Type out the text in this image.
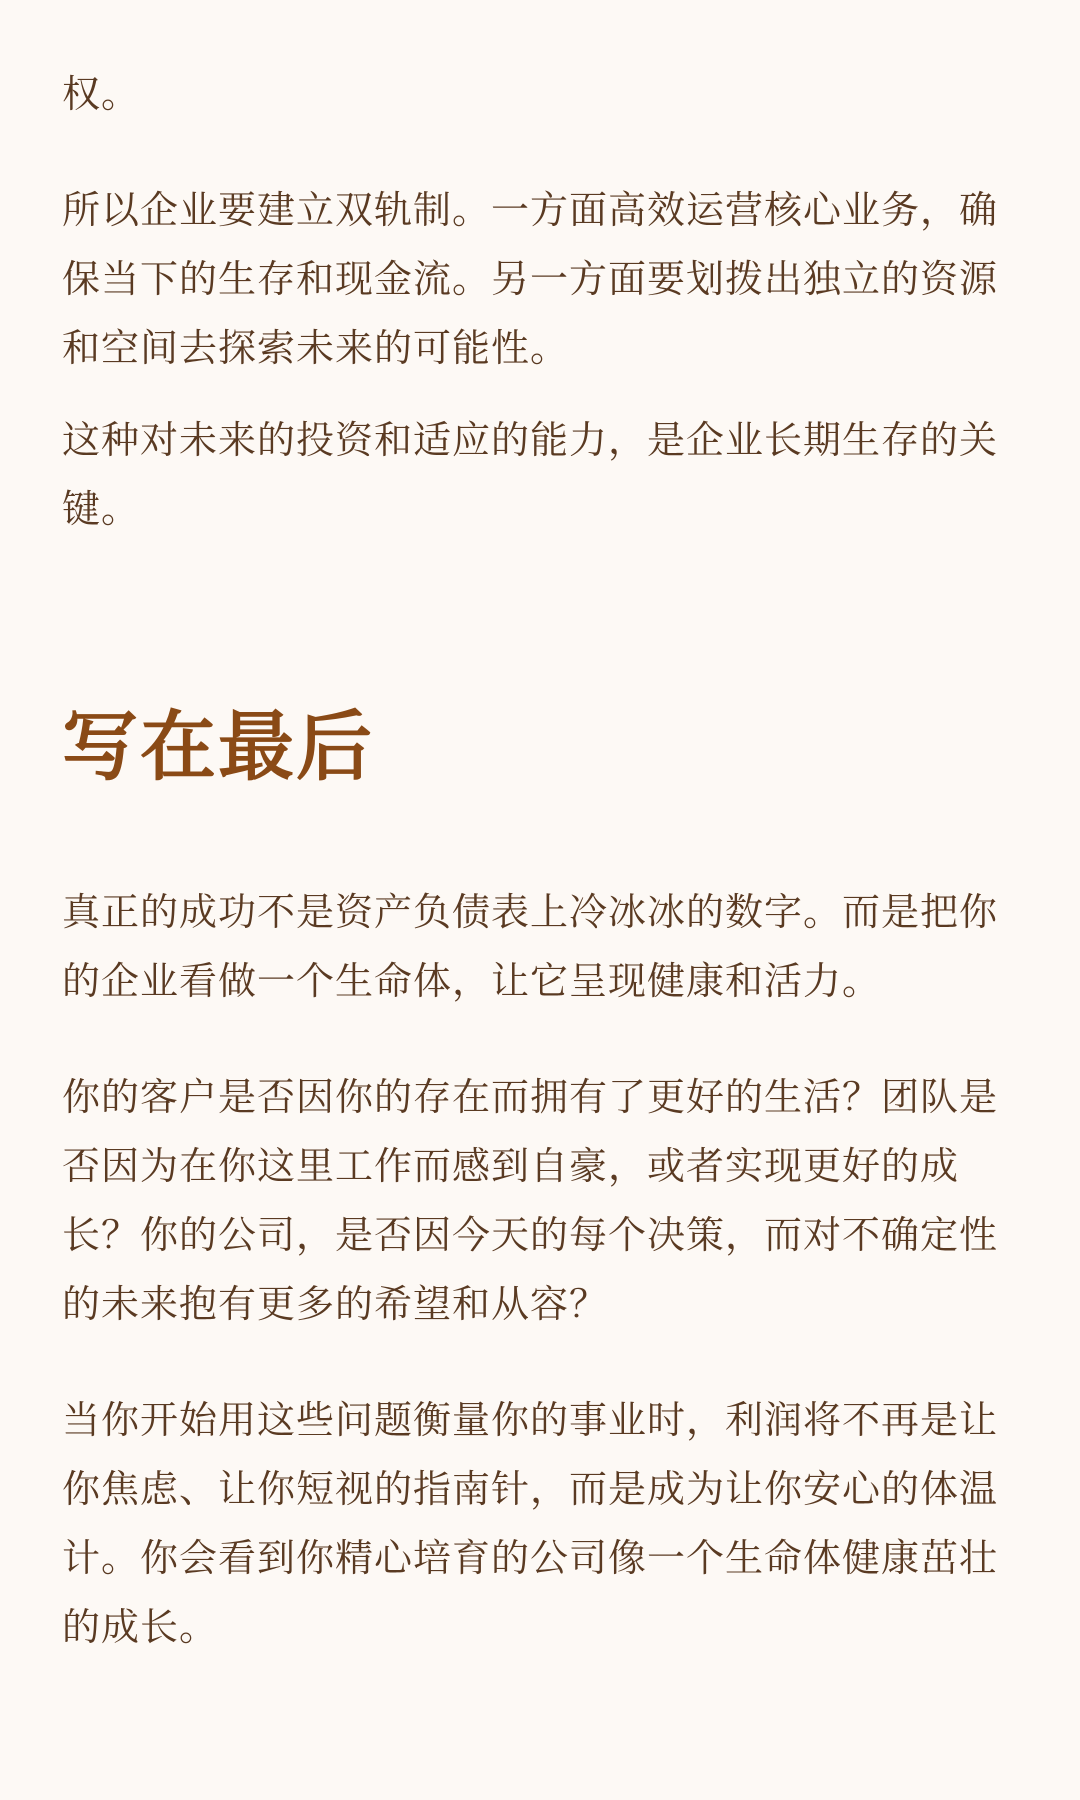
权。

所以企业要建立双轨制。一方面高效运营核心业务，确保当下的生存和现金流。另一方面要划拨出独立的资源和空间去探索未来的可能性。

这种对未来的投资和适应的能力，是企业长期生存的关键。

写在最后

真正的成功不是资产负债表上冷冰冰的数字。而是把你的企业看做一个生命体，让它呈现健康和活力。

你的客户是否因你的存在而拥有了更好的生活？团队是否因为在你这里工作而感到自豪，或者实现更好的成长？你的公司，是否因今天的每个决策，而对不确定性的未来抱有更多的希望和从容？

当你开始用这些问题衡量你的事业时，利润将不再是让你焦虑、让你短视的指南针，而是成为让你安心的体温计。你会看到你精心培育的公司像一个生命体健康茁壮的成长。
